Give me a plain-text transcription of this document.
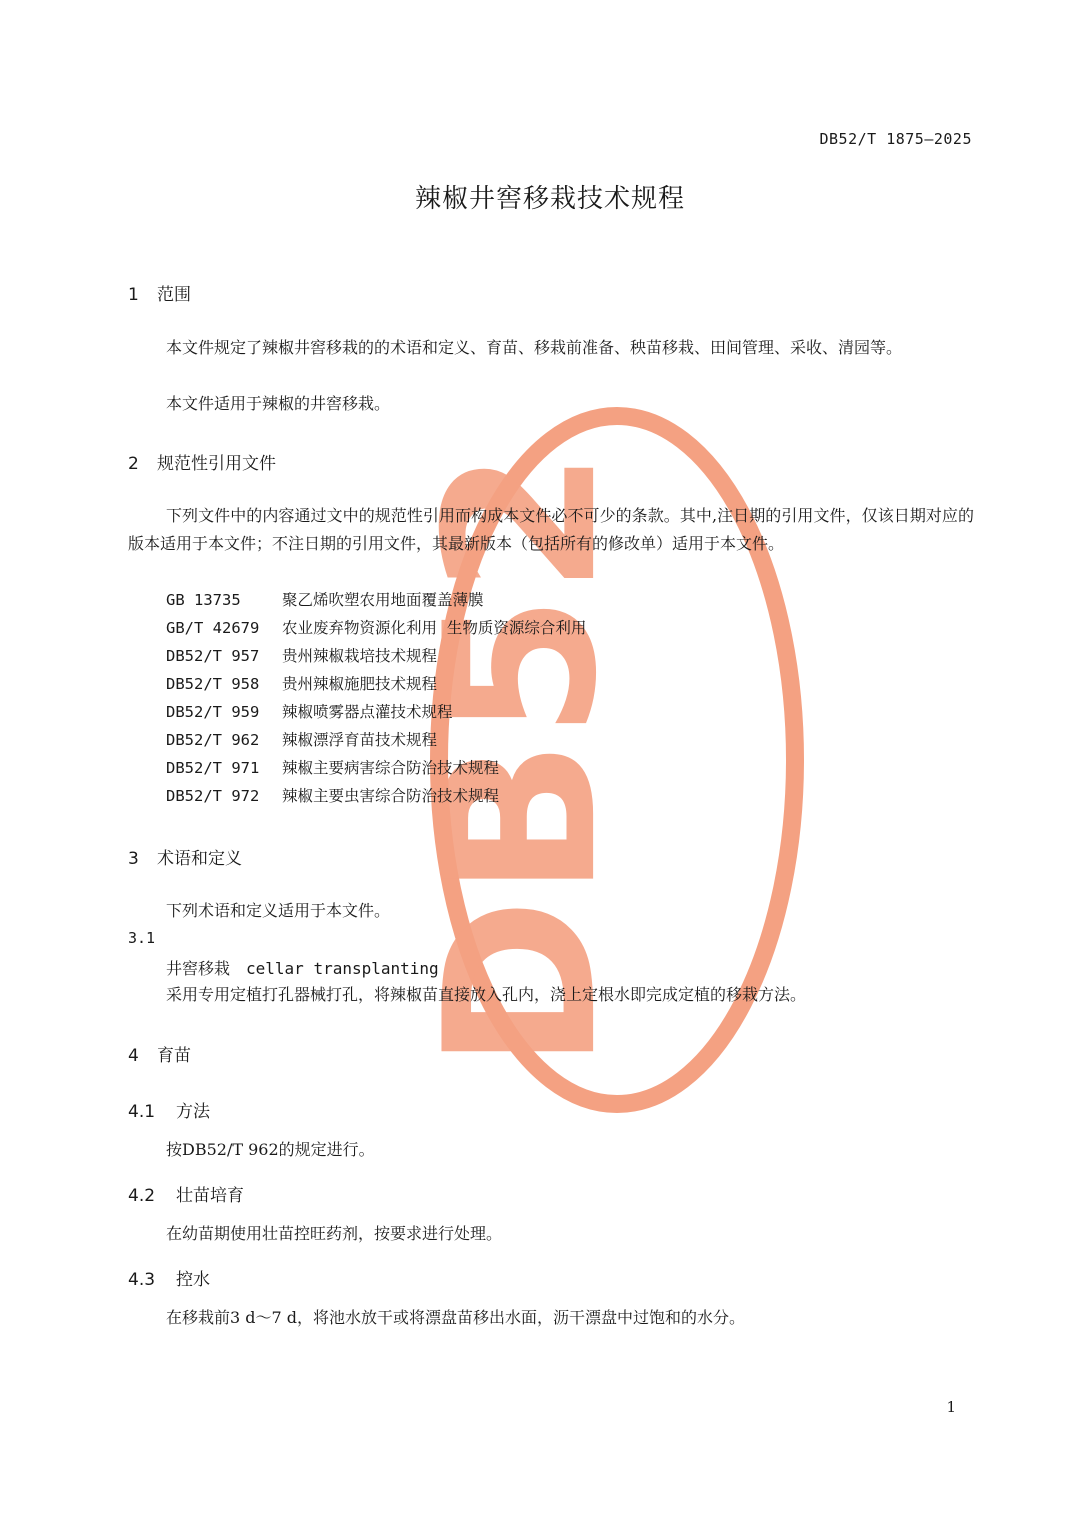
DB52
DB52/T 1875—2025
辣椒井窖移栽技术规程
1 范围
本文件规定了辣椒井窖移栽的的术语和定义、育苗、移栽前准备、秧苗移栽、田间管理、采收、清园等。
本文件适用于辣椒的井窖移栽。
2 规范性引用文件
下列文件中的内容通过文中的规范性引用而构成本文件必不可少的条款。其中,注日期的引用文件，仅该日期对应的版本适用于本文件；不注日期的引用文件，其最新版本（包括所有的修改单）适用于本文件。
GB 13735	聚乙烯吹塑农用地面覆盖薄膜
GB/T 42679 农业废弃物资源化利用  生物质资源综合利用
DB52/T 957 贵州辣椒栽培技术规程
DB52/T 958 贵州辣椒施肥技术规程
DB52/T 959 辣椒喷雾器点灌技术规程
DB52/T 962 辣椒漂浮育苗技术规程
DB52/T 971 辣椒主要病害综合防治技术规程
DB52/T 972 辣椒主要虫害综合防治技术规程
3 术语和定义
下列术语和定义适用于本文件。
3.1
井窖移栽 cellar transplanting
采用专用定植打孔器械打孔，将辣椒苗直接放入孔内，浇上定根水即完成定植的移栽方法。
4 育苗
4.1 方法
按DB52/T 962的规定进行。
4.2 壮苗培育
在幼苗期使用壮苗控旺药剂，按要求进行处理。
4.3 控水
在移栽前3 d～7 d，将池水放干或将漂盘苗移出水面，沥干漂盘中过饱和的水分。
1
